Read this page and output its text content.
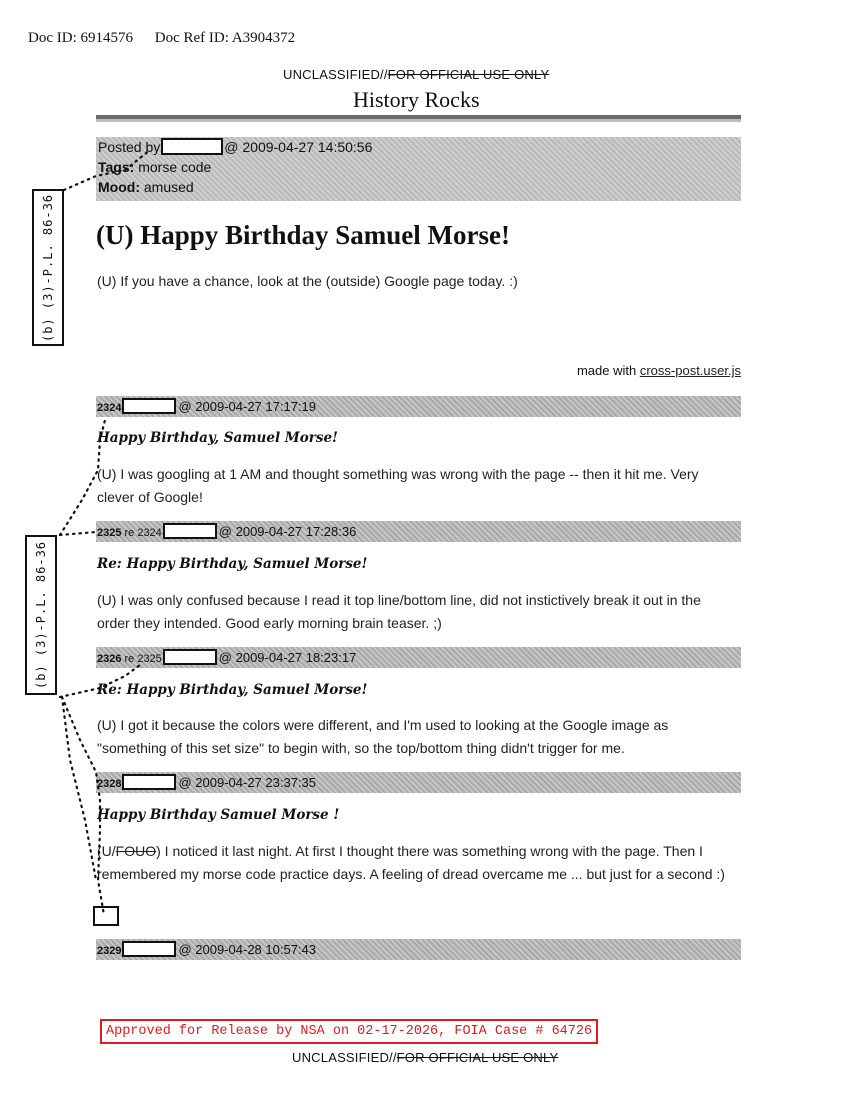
Doc ID: 6914576 Doc Ref ID: A3904372
UNCLASSIFIED//FOR OFFICIAL USE ONLY
History Rocks
Posted by	@ 2009-04-27 14:50:56
Tags: morse code
Mood: amused
(U) Happy Birthday Samuel Morse!
(U) If you have a chance, look at the (outside) Google page today. :)
made with cross-post.user.js
2324	@ 2009-04-27 17:17:19
Happy Birthday, Samuel Morse!
(U) I was googling at 1 AM and thought something was wrong with the page -- then it hit me. Very clever of Google!
2325 re 2324	@ 2009-04-27 17:28:36
Re: Happy Birthday, Samuel Morse!
(U) I was only confused because I read it top line/bottom line, did not instictively break it out in the order they intended. Good early morning brain teaser. ;)
2326 re 2325	@ 2009-04-27 18:23:17
Re: Happy Birthday, Samuel Morse!
(U) I got it because the colors were different, and I'm used to looking at the Google image as "something of this set size" to begin with, so the top/bottom thing didn't trigger for me.
2328	@ 2009-04-27 23:37:35
Happy Birthday Samuel Morse !
(U/FOUO) I noticed it last night. At first I thought there was something wrong with the page. Then I remembered my morse code practice days. A feeling of dread overcame me ... but just for a second :)
2329	@ 2009-04-28 10:57:43
(b) (3)-P.L. 86-36
(b) (3)-P.L. 86-36
Approved for Release by NSA on 02-17-2026, FOIA Case # 64726
UNCLASSIFIED//FOR OFFICIAL USE ONLY
